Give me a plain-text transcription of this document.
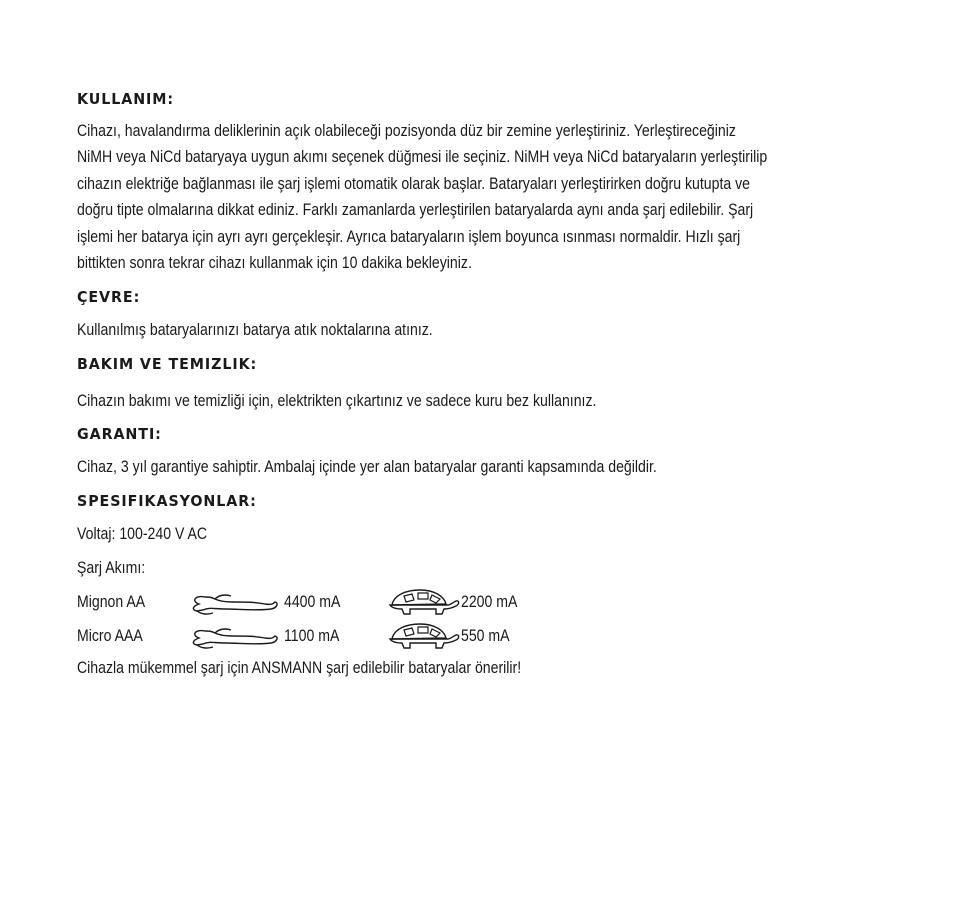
KULLANIM:
Cihazı, havalandırma deliklerinin açık olabileceği pozisyonda düz bir zemine yerleştiriniz. Yerleştireceğiniz
NiMH veya NiCd bataryaya uygun akımı seçenek düğmesi ile seçiniz. NiMH veya NiCd bataryaların yerleştirilip
cihazın elektriğe bağlanması ile şarj işlemi otomatik olarak başlar. Bataryaları yerleştirirken doğru kutupta ve
doğru tipte olmalarına dikkat ediniz. Farklı zamanlarda yerleştirilen bataryalarda aynı anda şarj edilebilir. Şarj
işlemi her batarya için ayrı ayrı gerçekleşir. Ayrıca bataryaların işlem boyunca ısınması normaldir. Hızlı şarj
bittikten sonra tekrar cihazı kullanmak için 10 dakika bekleyiniz.
ÇEVRE:
Kullanılmış bataryalarınızı batarya atık noktalarına atınız.
BAKIM VE TEMIZLIK:
Cihazın bakımı ve temizliği için, elektrikten çıkartınız ve sadece kuru bez kullanınız.
GARANTI:
Cihaz, 3 yıl garantiye sahiptir. Ambalaj içinde yer alan bataryalar garanti kapsamında değildir.
SPESIFIKASYONLAR:
Voltaj: 100-240 V AC
Şarj Akımı:
Mignon AA	4400 mA	2200 mA
Micro AAA	1100 mA	550 mA
Cihazla mükemmel şarj için ANSMANN şarj edilebilir bataryalar önerilir!
